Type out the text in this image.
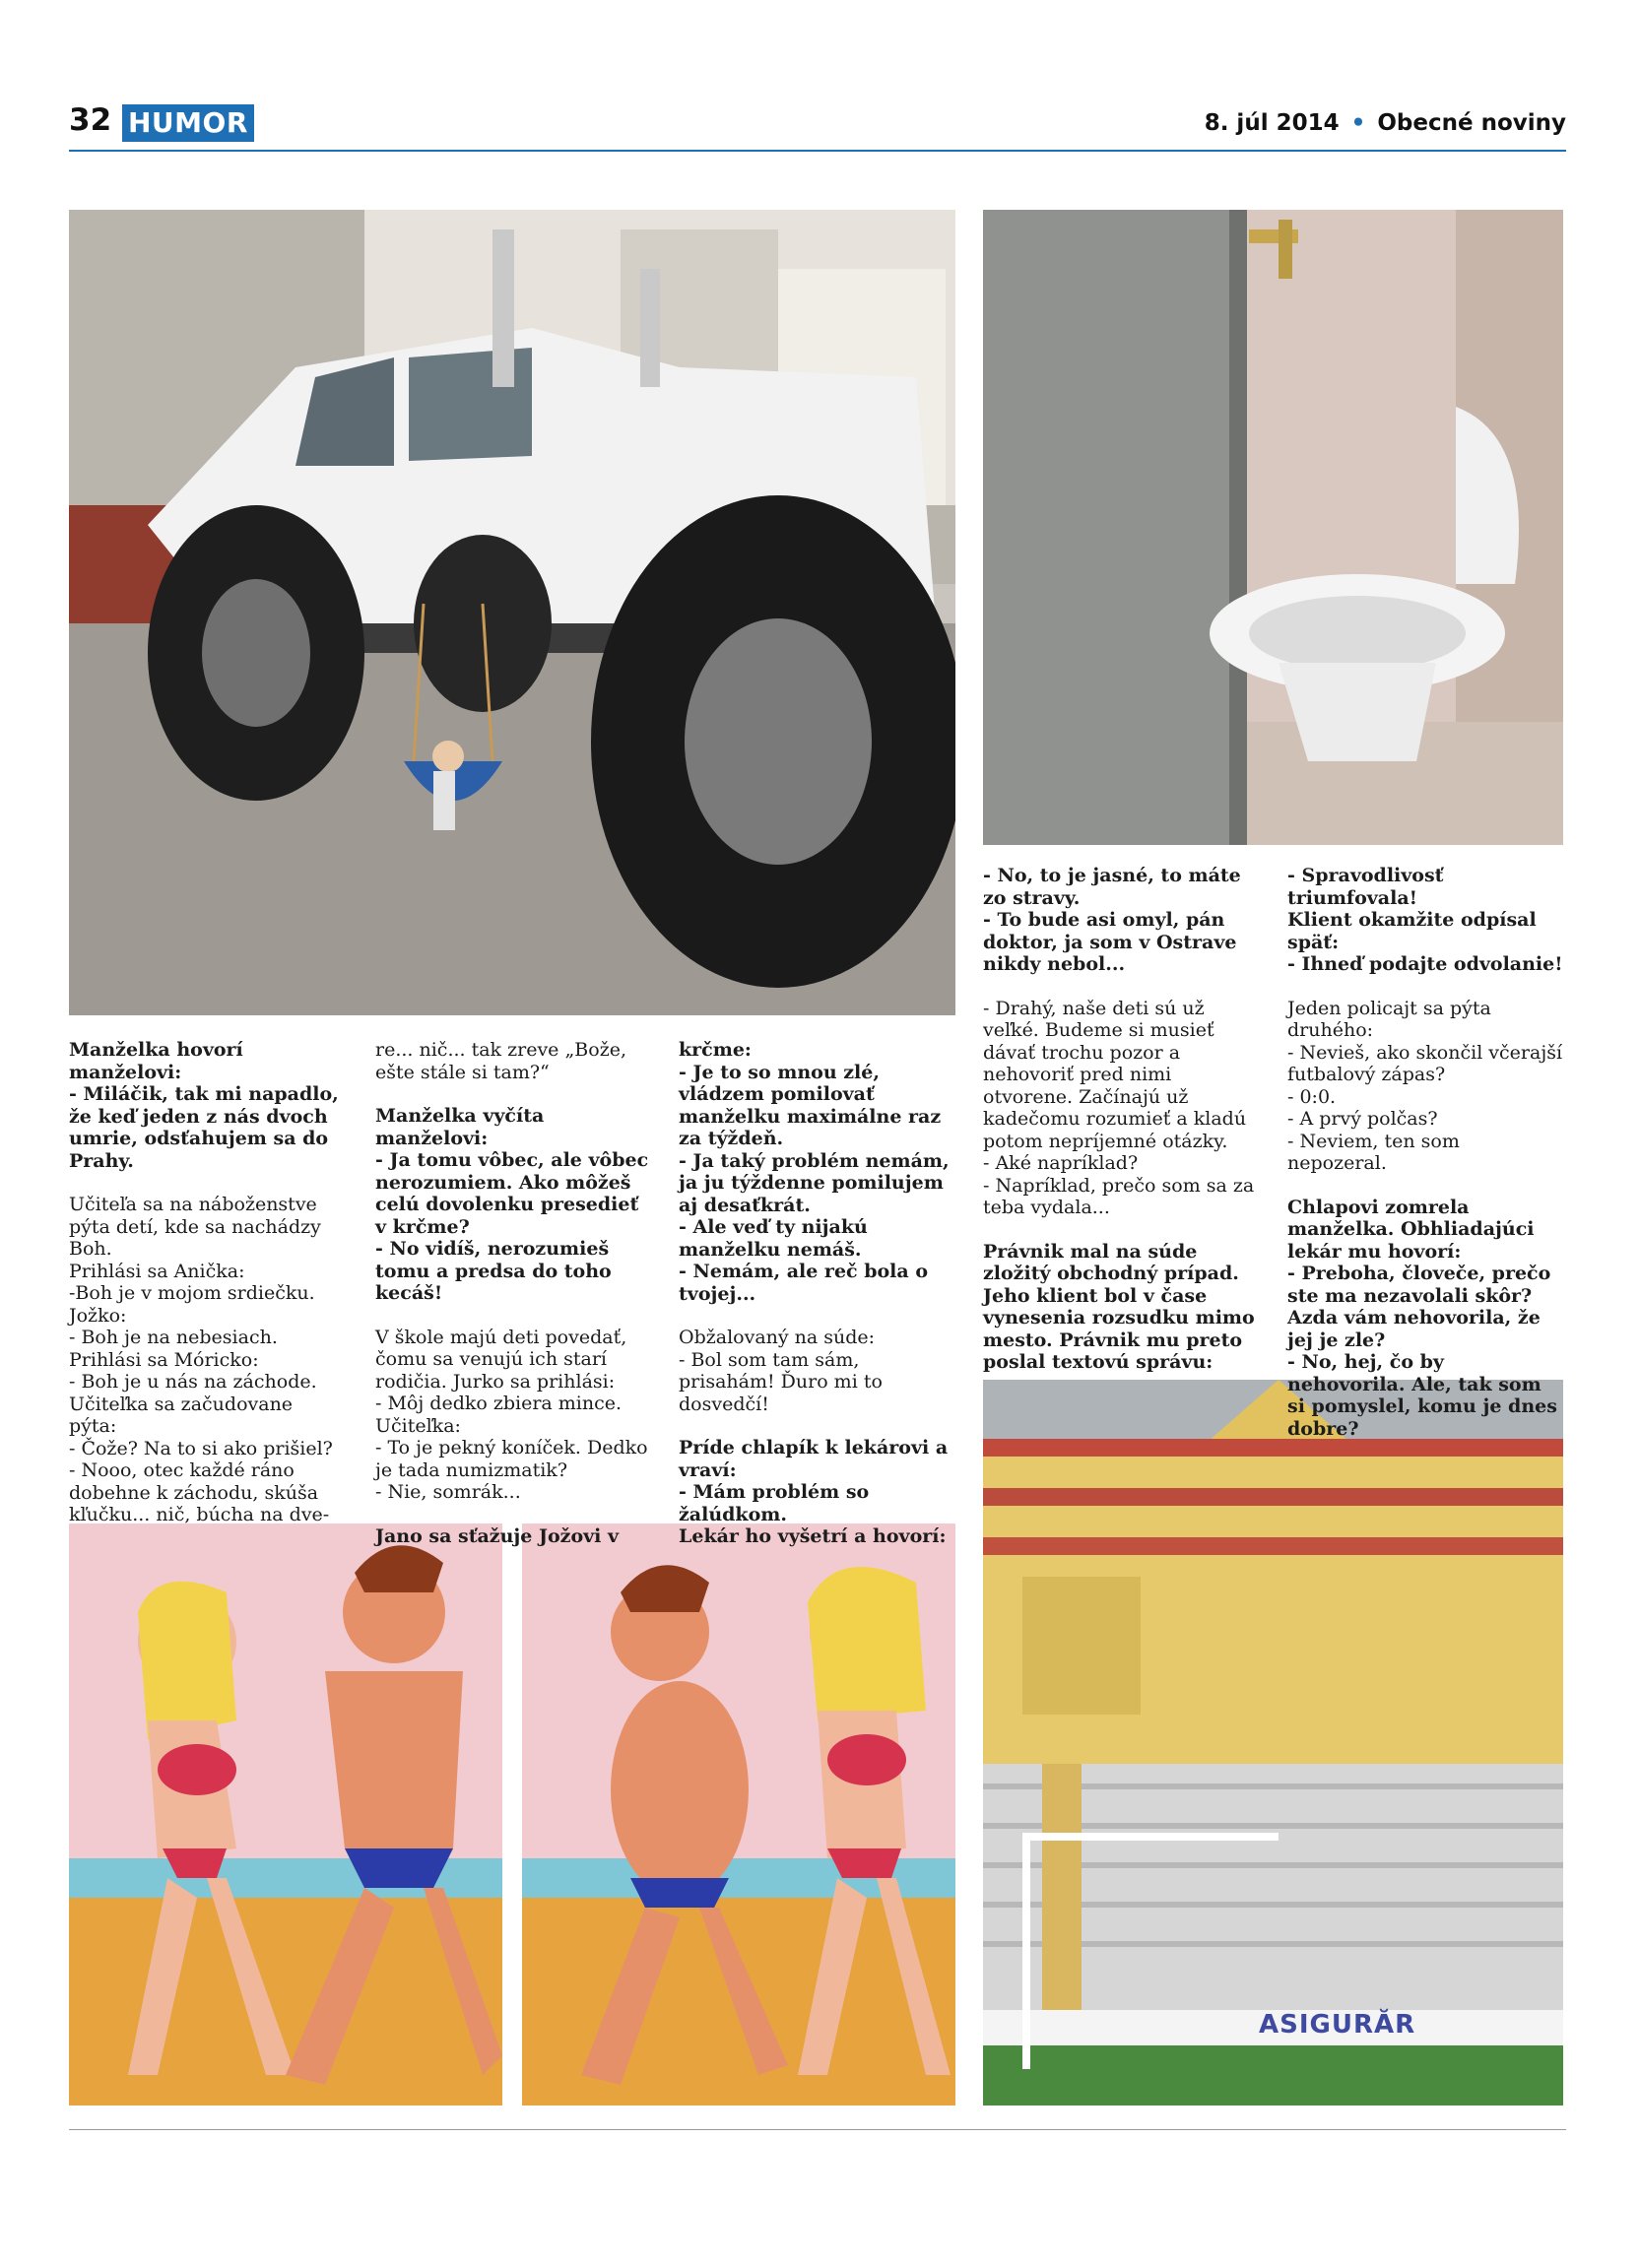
32 HUMOR	8. júl 2014 • Obecné noviny
ASIGURĂR

Manželka hovorí manželovi:

- Miláčik, tak mi napadlo, že keď jeden z nás dvoch umrie, odsťahujem sa do Prahy.

Učiteľa sa na náboženstve pýta detí, kde sa nachádzy Boh.

Prihlási sa Anička:

-Boh je v mojom srdiečku.

Jožko:

- Boh je na nebesiach.

Prihlási sa Móricko:

- Boh je u nás na záchode.

Učiteľka sa začudovane pýta:

- Čože? Na to si ako prišiel?

- Nooo, otec každé ráno dobehne k záchodu, skúša kľučku... nič, búcha na dve-

re... nič... tak zreve „Bože, ešte stále si tam?“

Manželka vyčíta manželovi:

- Ja tomu vôbec, ale vôbec nerozumiem. Ako môžeš celú dovolenku presedieť v krčme?

- No vidíš, nerozumieš tomu a predsa do toho kecáš!

V škole majú deti povedať, čomu sa venujú ich starí rodičia. Jurko sa prihlási:

- Môj dedko zbiera mince.

Učiteľka:

- To je pekný koníček. Dedko je tada numizmatik?

- Nie, somrák...

Jano sa sťažuje Jožovi v

krčme:

- Je to so mnou zlé, vládzem pomilovať manželku maximálne raz za týždeň.

- Ja taký problém nemám, ja ju týždenne pomilujem aj desaťkrát.

- Ale veď ty nijakú manželku nemáš.

- Nemám, ale reč bola o tvojej...

Obžalovaný na súde:

- Bol som tam sám, prisahám! Ďuro mi to dosvedčí!

Príde chlapík k lekárovi a vraví:

- Mám problém so žalúdkom.

Lekár ho vyšetrí a hovorí:

- No, to je jasné, to máte zo stravy.

- To bude asi omyl, pán doktor, ja som v Ostrave nikdy nebol...

- Drahý, naše deti sú už veľké. Budeme si musieť dávať trochu pozor a nehovoriť pred nimi otvorene. Začínajú už kadečomu rozumieť a kladú potom nepríjemné otázky.

- Aké napríklad?

- Napríklad, prečo som sa za teba vydala...

Právnik mal na súde zložitý obchodný prípad. Jeho klient bol v čase vynesenia rozsudku mimo mesto. Právnik mu preto poslal textovú správu:

- Spravodlivosť triumfovala!

Klient okamžite odpísal späť:

- Ihneď podajte odvolanie!

Jeden policajt sa pýta druhého:

- Nevieš, ako skončil včerajší futbalový zápas?

- 0:0.

- A prvý polčas?

- Neviem, ten som nepozeral.

Chlapovi zomrela manželka. Obhliadajúci lekár mu hovorí:

- Preboha, človeče, prečo ste ma nezavolali skôr? Azda vám nehovorila, že jej je zle?

- No, hej, čo by nehovorila. Ale, tak som si pomyslel, komu je dnes dobre?
